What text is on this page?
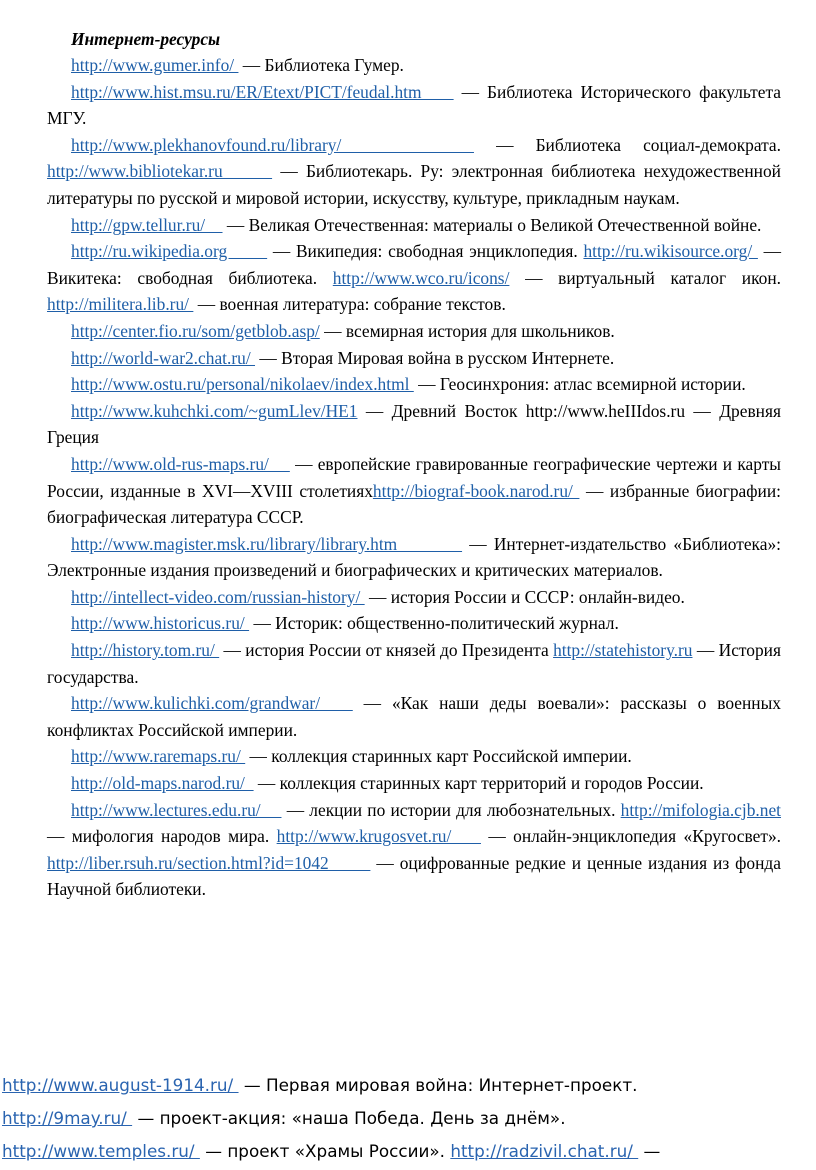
Интернет-ресурсы

http://www.gumer.info/  — Библиотека Гумер.

http://www.hist.msu.ru/ER/Etext/PICT/feudal.htm     — Библиотека Исторического факультета МГУ.

http://www.plekhanovfound.ru/library/       — Библиотека социал-демократа. http://www.bibliotekar.ru       — Библиотекарь. Ру: электронная библиотека нехудожественной литературы по русской и мировой истории, искусству, культуре, прикладным наукам.

http://gpw.tellur.ru/     — Великая Отечественная: материалы о Великой Отечественной войне.

http://ru.wikipedia.org        — Википедия: свободная энциклопедия. http://ru.wikisource.org/  — Викитека: свободная библиотека. http://www.wco.ru/icons/ — виртуальный каталог икон. http://militera.lib.ru/  — военная литература: собрание текстов.

http://center.fio.ru/som/getblob.asp/ — всемирная история для школьников.

http://world-war2.chat.ru/  — Вторая Мировая война в русском Интернете.

http://www.ostu.ru/personal/nikolaev/index.html  — Геосинхрония: атлас всемирной истории.

http://www.kuhchki.com/~gumLlev/HE1 — Древний Восток http://www.heIIIdos.ru — Древняя Греция

http://www.old-rus-maps.ru/     — европейские гравированные географические чертежи и карты России, изданные в XVI—XVIII столетияхhttp://biograf-book.narod.ru/  — избранные биографии: биографическая литература СССР.

http://www.magister.msk.ru/library/library.htm          — Интернет-издательство «Библиотека»: Электронные издания произведений и биографических и критических материалов.

http://intellect-video.com/russian-history/  — история России и СССР: онлайн-видео.

http://www.historicus.ru/  — Историк: общественно-политический журнал.

http://history.tom.ru/  — история России от князей до Президента http://statehistory.ru — История государства.

http://www.kulichki.com/grandwar/    — «Как наши деды воевали»: рассказы о военных конфликтах Российской империи.

http://www.raremaps.ru/  — коллекция старинных карт Российской империи.

http://old-maps.narod.ru/   — коллекция старинных карт территорий и городов России.

http://www.lectures.edu.ru/     — лекции по истории для любознательных. http://mifologia.cjb.net — мифология народов мира. http://www.krugosvet.ru/     — онлайн-энциклопедия «Кругосвет». http://liber.rsuh.ru/section.html?id=1042        — оцифрованные редкие и ценные издания из фонда Научной библиотеки.

http://www.august-1914.ru/  — Первая мировая война: Интернет-проект.

http://9may.ru/  — проект-акция: «наша Победа. День за днём».

http://www.temples.ru/  — проект «Храмы России». http://radzivil.chat.ru/  —
